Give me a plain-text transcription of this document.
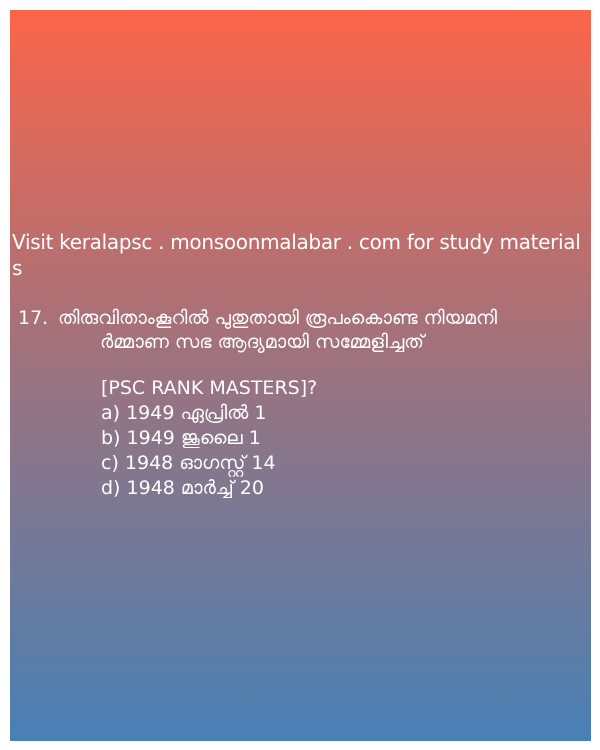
Visit keralapsc . monsoonmalabar . com for study materials
17. തിരുവിതാംകൂറിൽ പുതുതായി രൂപംകൊണ്ട നിയമനി
ർമ്മാണ സഭ ആദ്യമായി സമ്മേളിച്ചത്
[PSC RANK MASTERS]?
a) 1949 ഏപ്രിൽ 1
b) 1949 ജൂലൈ 1
c) 1948 ഓഗസ്റ്റ് 14
d) 1948 മാർച്ച് 20
